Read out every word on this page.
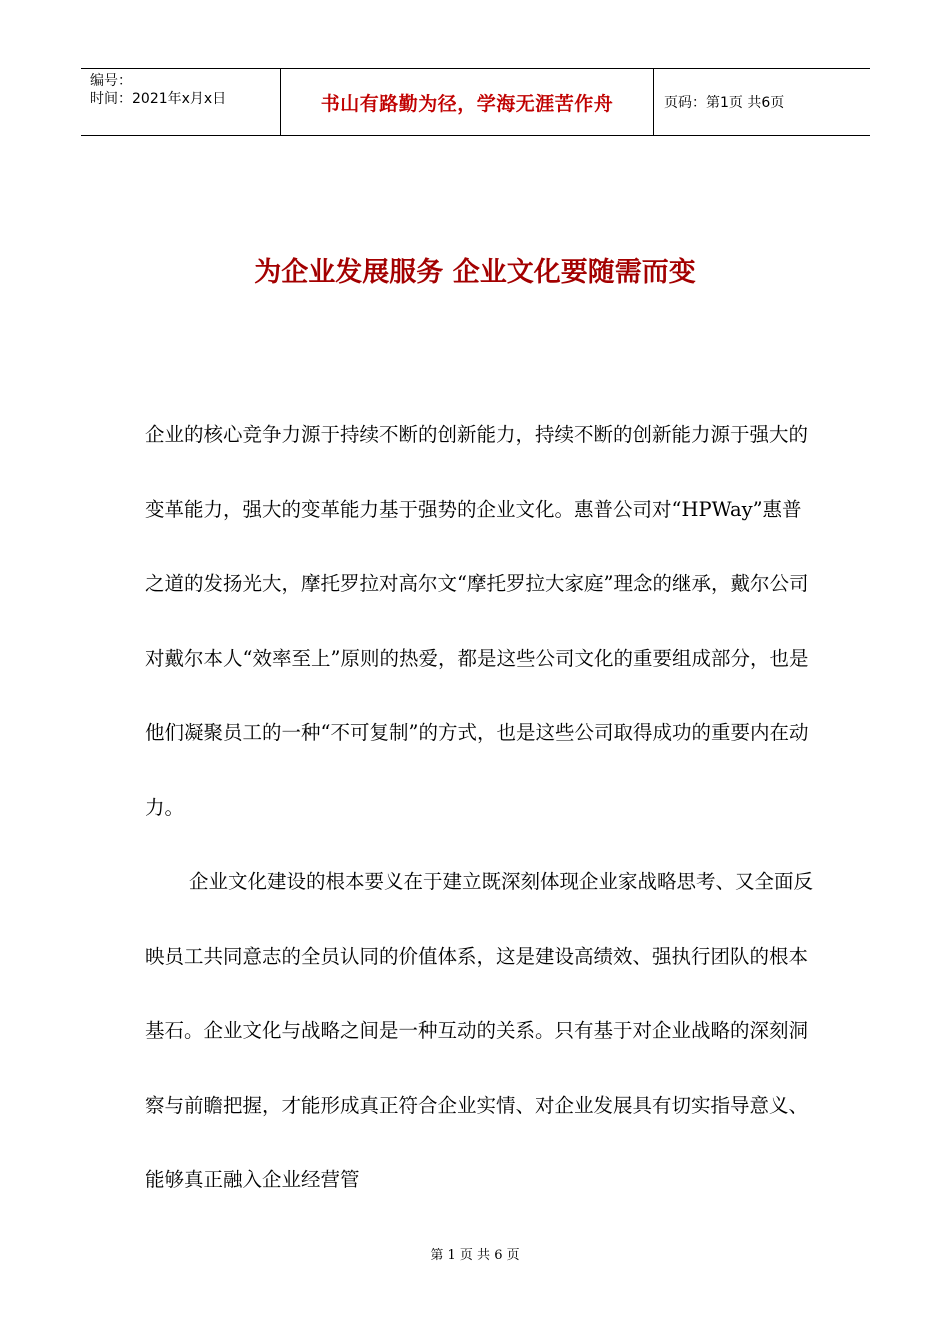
编号：
时间：2021年x月x日	书山有路勤为径，学海无涯苦作舟	页码：第1页 共6页
为企业发展服务 企业文化要随需而变

企业的核心竞争力源于持续不断的创新能力，持续不断的创新能力源于强大的变革能力，强大的变革能力基于强势的企业文化。惠普公司对“HPWay”惠普之道的发扬光大，摩托罗拉对高尔文“摩托罗拉大家庭”理念的继承，戴尔公司对戴尔本人“效率至上”原则的热爱，都是这些公司文化的重要组成部分，也是他们凝聚员工的一种“不可复制”的方式，也是这些公司取得成功的重要内在动力。

企业文化建设的根本要义在于建立既深刻体现企业家战略思考、又全面反映员工共同意志的全员认同的价值体系，这是建设高绩效、强执行团队的根本基石。企业文化与战略之间是一种互动的关系。只有基于对企业战略的深刻洞察与前瞻把握，才能形成真正符合企业实情、对企业发展具有切实指导意义、能够真正融入企业经营管

第 1 页 共 6 页
